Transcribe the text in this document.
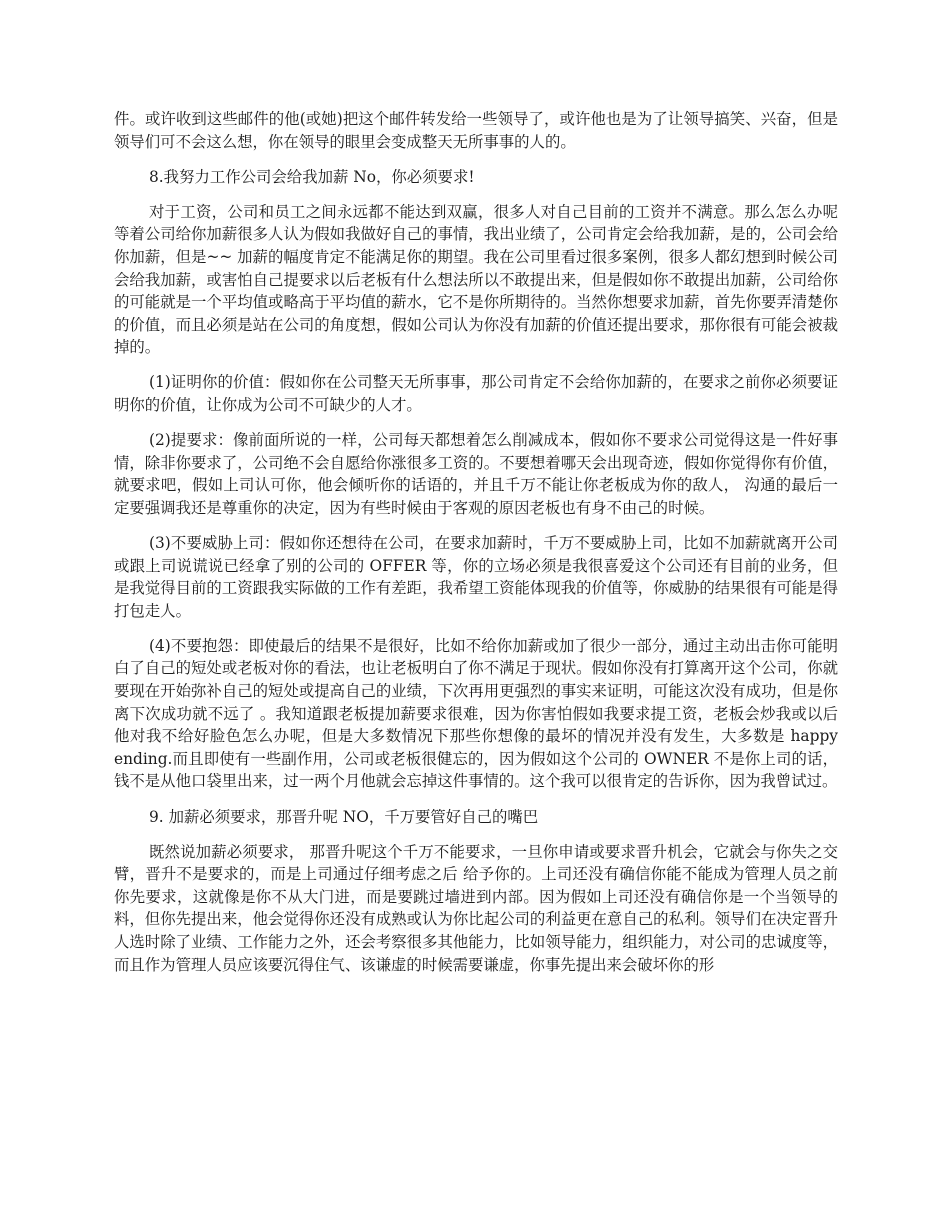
件。或许收到这些邮件的他(或她)把这个邮件转发给一些领导了，或许他也是为了让领导搞笑、兴奋，但是领导们可不会这么想，你在领导的眼里会变成整天无所事事的人的。

8.我努力工作公司会给我加薪 No，你必须要求!

对于工资，公司和员工之间永远都不能达到双赢，很多人对自己目前的工资并不满意。那么怎么办呢等着公司给你加薪很多人认为假如我做好自己的事情，我出业绩了，公司肯定会给我加薪，是的，公司会给你加薪，但是~~ 加薪的幅度肯定不能满足你的期望。我在公司里看过很多案例，很多人都幻想到时候公司会给我加薪，或害怕自己提要求以后老板有什么想法所以不敢提出来，但是假如你不敢提出加薪，公司给你的可能就是一个平均值或略高于平均值的薪水，它不是你所期待的。当然你想要求加薪，首先你要弄清楚你的价值，而且必须是站在公司的角度想，假如公司认为你没有加薪的价值还提出要求，那你很有可能会被裁掉的。

(1)证明你的价值：假如你在公司整天无所事事，那公司肯定不会给你加薪的，在要求之前你必须要证明你的价值，让你成为公司不可缺少的人才。

(2)提要求：像前面所说的一样，公司每天都想着怎么削减成本，假如你不要求公司觉得这是一件好事情，除非你要求了，公司绝不会自愿给你涨很多工资的。不要想着哪天会出现奇迹，假如你觉得你有价值，就要求吧，假如上司认可你，他会倾听你的话语的，并且千万不能让你老板成为你的敌人， 沟通的最后一定要强调我还是尊重你的决定，因为有些时候由于客观的原因老板也有身不由己的时候。

(3)不要威胁上司：假如你还想待在公司，在要求加薪时，千万不要威胁上司，比如不加薪就离开公司或跟上司说谎说已经拿了别的公司的 OFFER 等，你的立场必须是我很喜爱这个公司还有目前的业务，但是我觉得目前的工资跟我实际做的工作有差距，我希望工资能体现我的价值等，你威胁的结果很有可能是得打包走人。

(4)不要抱怨：即使最后的结果不是很好，比如不给你加薪或加了很少一部分，通过主动出击你可能明白了自己的短处或老板对你的看法，也让老板明白了你不满足于现状。假如你没有打算离开这个公司，你就要现在开始弥补自己的短处或提高自己的业绩，下次再用更强烈的事实来证明，可能这次没有成功，但是你离下次成功就不远了 。我知道跟老板提加薪要求很难，因为你害怕假如我要求提工资，老板会炒我或以后他对我不给好脸色怎么办呢，但是大多数情况下那些你想像的最坏的情况并没有发生，大多数是 happy ending.而且即使有一些副作用，公司或老板很健忘的，因为假如这个公司的 OWNER 不是你上司的话，钱不是从他口袋里出来，过一两个月他就会忘掉这件事情的。这个我可以很肯定的告诉你，因为我曾试过。

9. 加薪必须要求，那晋升呢 NO，千万要管好自己的嘴巴

既然说加薪必须要求， 那晋升呢这个千万不能要求，一旦你申请或要求晋升机会，它就会与你失之交臂，晋升不是要求的，而是上司通过仔细考虑之后 给予你的。上司还没有确信你能不能成为管理人员之前你先要求，这就像是你不从大门进，而是要跳过墙进到内部。因为假如上司还没有确信你是一个当领导的料，但你先提出来，他会觉得你还没有成熟或认为你比起公司的利益更在意自己的私利。领导们在决定晋升人选时除了业绩、工作能力之外，还会考察很多其他能力，比如领导能力，组织能力，对公司的忠诚度等，而且作为管理人员应该要沉得住气、该谦虚的时候需要谦虚，你事先提出来会破坏你的形
